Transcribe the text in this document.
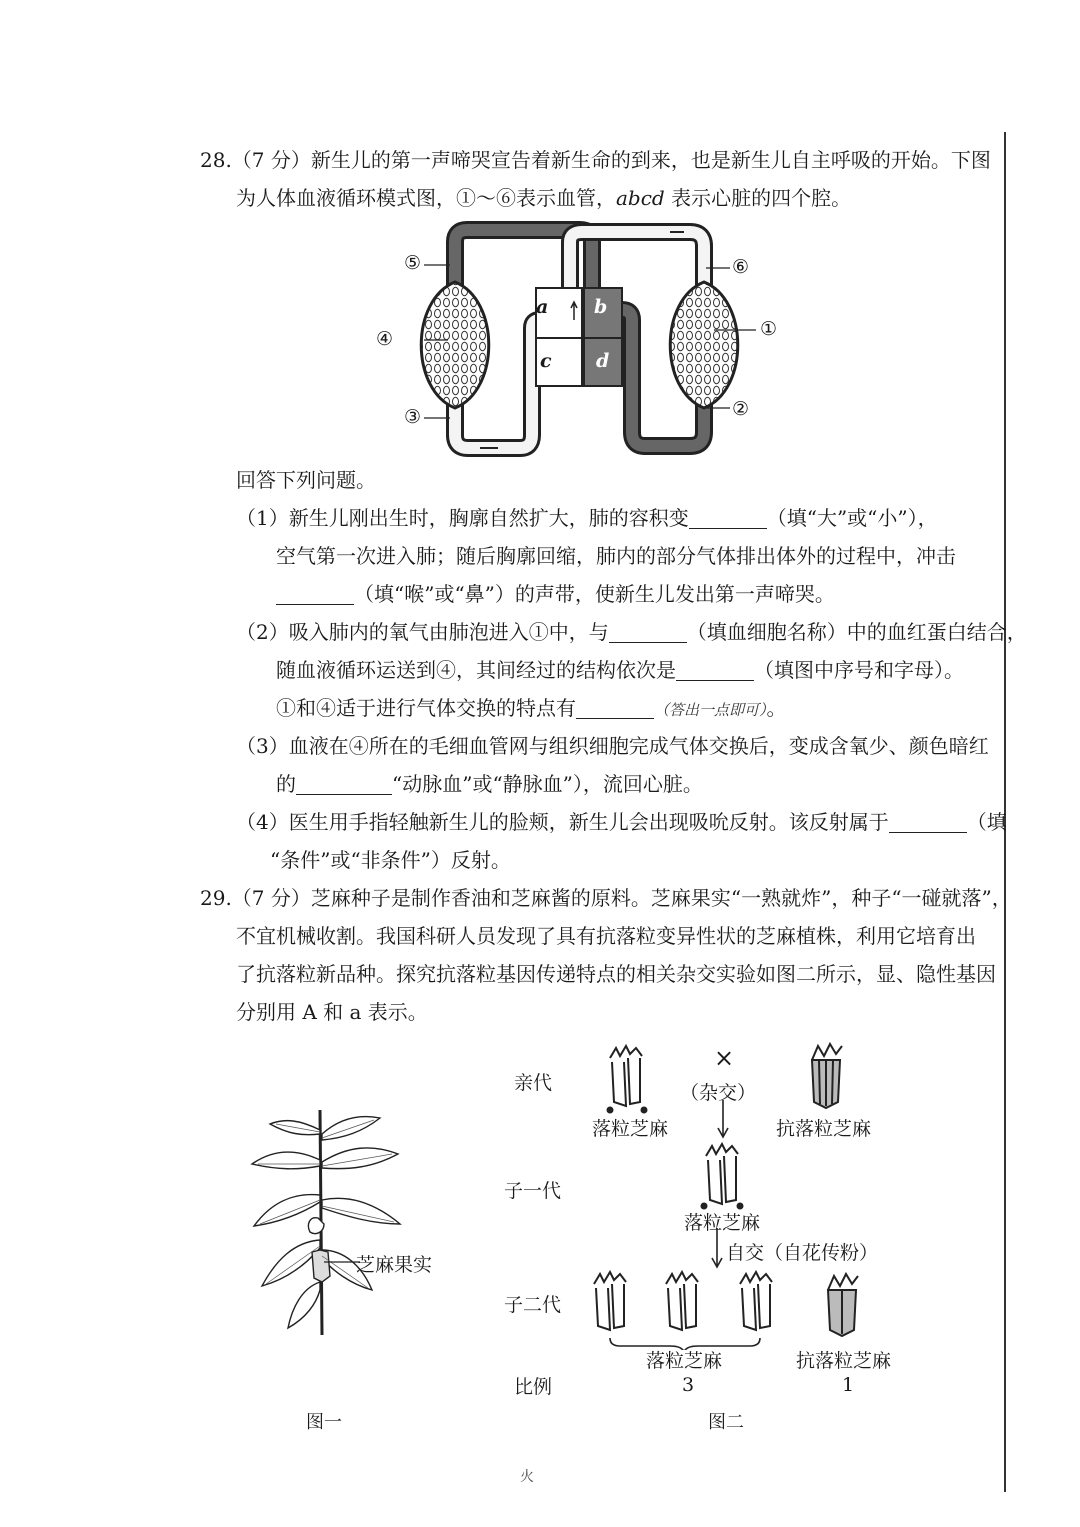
28.（7 分）新生儿的第一声啼哭宣告着新生命的到来，也是新生儿自主呼吸的开始。下图
为人体血液循环模式图，①～⑥表示血管，abcd 表示心脏的四个腔。
a b
c d
⑤
④
③
⑥
①
②
回答下列问题。
（1）新生儿刚出生时，胸廓自然扩大，肺的容积变	（填“大”或“小”），
空气第一次进入肺；随后胸廓回缩，肺内的部分气体排出体外的过程中，冲击
（填“喉”或“鼻”）的声带，使新生儿发出第一声啼哭。
（2）吸入肺内的氧气由肺泡进入①中，与	（填血细胞名称）中的血红蛋白结合，
随血液循环运送到④，其间经过的结构依次是	（填图中序号和字母）。
①和④适于进行气体交换的特点有	（答出一点即可）。
（3）血液在④所在的毛细血管网与组织细胞完成气体交换后，变成含氧少、颜色暗红
的	“动脉血”或“静脉血”），流回心脏。
（4）医生用手指轻触新生儿的脸颊，新生儿会出现吸吮反射。该反射属于	（填
“条件”或“非条件”）反射。
29.（7 分）芝麻种子是制作香油和芝麻酱的原料。芝麻果实“一熟就炸”，种子“一碰就落”，
不宜机械收割。我国科研人员发现了具有抗落粒变异性状的芝麻植株，利用它培育出
了抗落粒新品种。探究抗落粒基因传递特点的相关杂交实验如图二所示，显、隐性基因
分别用 A 和 a 表示。
芝麻果实
图一
亲代
子一代
子二代
比例
×
（杂交）
落粒芝麻	抗落粒芝麻
落粒芝麻
自交（自花传粉）
落粒芝麻	抗落粒芝麻
3	1
图二
火
